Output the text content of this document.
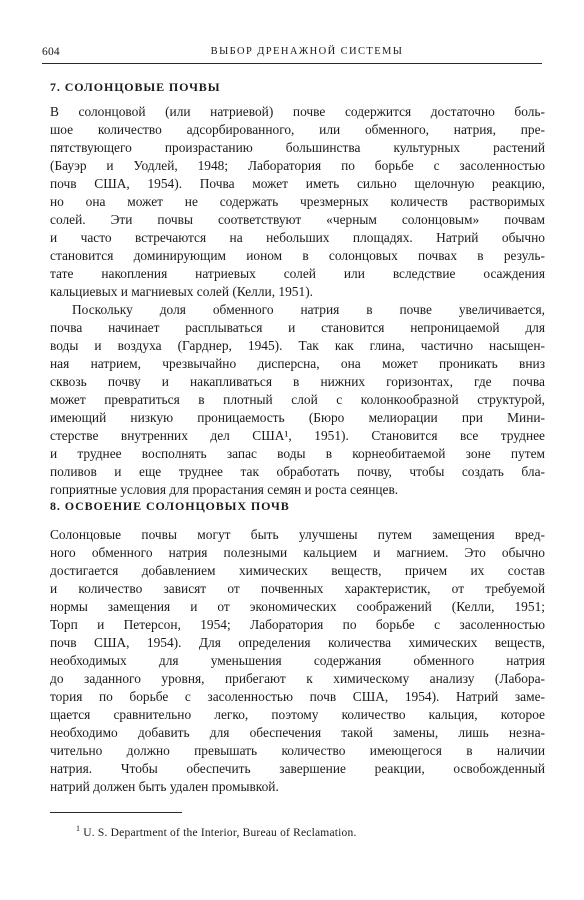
604	ВЫБОР ДРЕНАЖНОЙ СИСТЕМЫ
7. СОЛОНЦОВЫЕ ПОЧВЫ
В солонцовой (или натриевой) почве содержится достаточно боль-
шое количество адсорбированного, или обменного, натрия, пре-
пятствующего произрастанию большинства культурных растений
(Бауэр и Уодлей, 1948; Лаборатория по борьбе с засоленностью
почв США, 1954). Почва может иметь сильно щелочную реакцию,
но она может не содержать чрезмерных количеств растворимых
солей. Эти почвы соответствуют «черным солонцовым» почвам
и часто встречаются на небольших площадях. Натрий обычно
становится доминирующим ионом в солонцовых почвах в резуль-
тате накопления натриевых солей или вследствие осаждения
кальциевых и магниевых солей (Келли, 1951).
Поскольку доля обменного натрия в почве увеличивается,
почва начинает расплываться и становится непроницаемой для
воды и воздуха (Гарднер, 1945). Так как глина, частично насыщен-
ная натрием, чрезвычайно дисперсна, она может проникать вниз
сквозь почву и накапливаться в нижних горизонтах, где почва
может превратиться в плотный слой с колонкообразной структурой,
имеющий низкую проницаемость (Бюро мелиорации при Мини-
стерстве внутренних дел США¹, 1951). Становится все труднее
и труднее восполнять запас воды в корнеобитаемой зоне путем
поливов и еще труднее так обработать почву, чтобы создать бла-
гоприятные условия для прорастания семян и роста сеянцев.
8. ОСВОЕНИЕ СОЛОНЦОВЫХ ПОЧВ
Солонцовые почвы могут быть улучшены путем замещения вред-
ного обменного натрия полезными кальцием и магнием. Это обычно
достигается добавлением химических веществ, причем их состав
и количество зависят от почвенных характеристик, от требуемой
нормы замещения и от экономических соображений (Келли, 1951;
Торп и Петерсон, 1954; Лаборатория по борьбе с засоленностью
почв США, 1954). Для определения количества химических веществ,
необходимых для уменьшения содержания обменного натрия
до заданного уровня, прибегают к химическому анализу (Лабора-
тория по борьбе с засоленностью почв США, 1954). Натрий заме-
щается сравнительно легко, поэтому количество кальция, которое
необходимо добавить для обеспечения такой замены, лишь незна-
чительно должно превышать количество имеющегося в наличии
натрия. Чтобы обеспечить завершение реакции, освобожденный
натрий должен быть удален промывкой.
$^1$ U. S. Department of the Interior, Bureau of Reclamation.
